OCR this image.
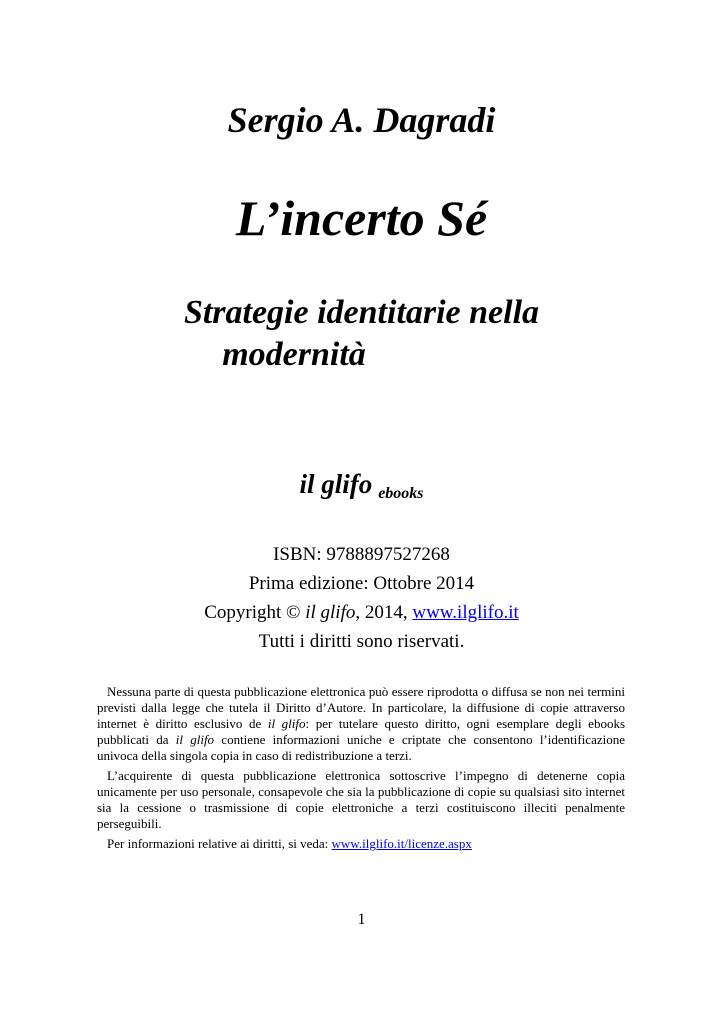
Sergio A. Dagradi
L’incerto Sé
Strategie identitarie nella
modernità
il glifo ebooks
ISBN: 9788897527268
Prima edizione: Ottobre 2014
Copyright © il glifo, 2014, www.ilglifo.it
Tutti i diritti sono riservati.

Nessuna parte di questa pubblicazione elettronica può essere riprodotta o diffusa se non nei termini previsti dalla legge che tutela il Diritto d’Autore. In particolare, la diffusione di copie attraverso internet è diritto esclusivo de il glifo: per tutelare questo diritto, ogni esemplare degli ebooks pubblicati da il glifo contiene informazioni uniche e criptate che consentono l’identificazione univoca della singola copia in caso di redistribuzione a terzi.

L’acquirente di questa pubblicazione elettronica sottoscrive l’impegno di detenerne copia unicamente per uso personale, consapevole che sia la pubblicazione di copie su qualsiasi sito internet sia la cessione o trasmissione di copie elettroniche a terzi costituiscono illeciti penalmente perseguibili.

Per informazioni relative ai diritti, si veda: www.ilglifo.it/licenze.aspx

1
